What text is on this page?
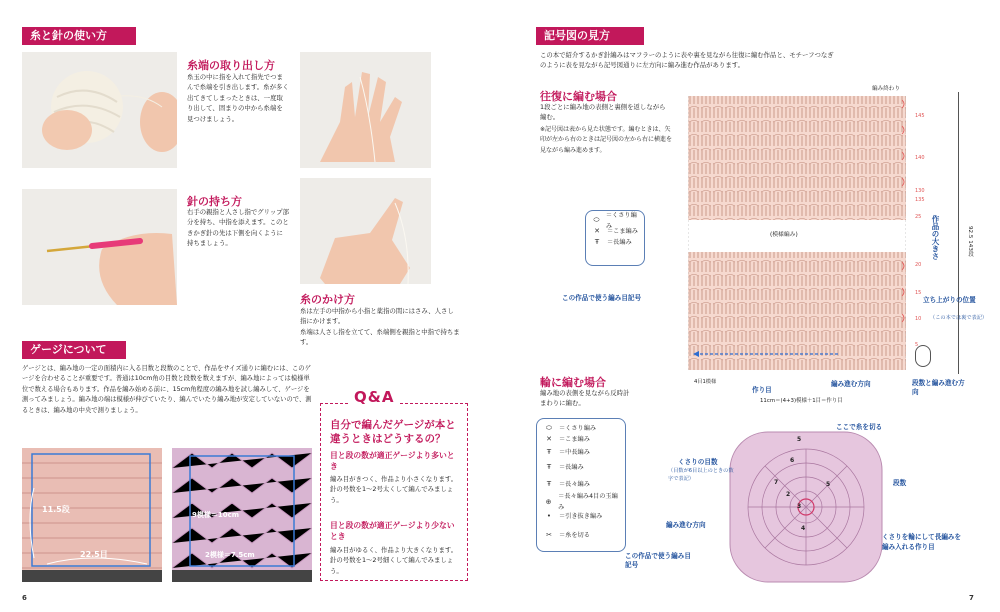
糸と針の使い方
糸端の取り出し方
糸玉の中に指を入れて指先でつまんで糸端を引き出します。糸が多く出てきてしまったときは、一度取り出して、固まりの中から糸端を見つけましょう。
針の持ち方
右手の親指と人さし指でグリップ部分を持ち、中指を添えます。このときかぎ針の先は下側を向くように持ちましょう。
糸のかけ方
糸は左手の中指から小指と薬指の間にはさみ、人さし指にかけます。
糸端は人さし指を立てて、糸端側を親指と中指で持ちます。
ゲージについて
ゲージとは、編み地の一定の面積内に入る目数と段数のことで、作品をサイズ通りに編むには、このゲージを合わせることが重要です。普通は10cm角の目数と段数を数えますが、編み地によっては模様単位で数える場合もあります。作品を編み始める前に、15cm角程度の編み地を試し編みして、ゲージを測ってみましょう。編み地の端は模様が伸びていたり、編んでいたり編み地が安定していないので、測るときは、編み地の中央で測りましょう。
11.5段
22.5目
9模様＝10cm
2模様＝7.5cm
6
Q&A
自分で編んだゲージが本と違うときはどうするの？
目と段の数が適正ゲージより多いとき
編み目がきつく、作品より小さくなります。針の号数を1〜2号太くして編んでみましょう。
目と段の数が適正ゲージより少ないとき
編み目がゆるく、作品より大きくなります。針の号数を1〜2号細くして編んでみましょう。
記号図の見方
この本で紹介するかぎ針編みはマフラーのように表や裏を見ながら往復に編む作品と、モチーフつなぎのように表を見ながら記号図通りに左方向に編み進む作品があります。
往復に編む場合
1段ごとに編み地の表側と裏側を返しながら編む。
※記号図は表から見た状態です。編むときは、矢印が左から右のときは記号図の左から右に横進を見ながら編み進めます。
⬭
＝くさり編み
✕	＝こま編み
Ŧ	＝長編み
この作品で使う編み目記号
編み終わり
(模様編み)
145
140
135
作品の大きさ	92.5 143段
立ち上がりの位置
（この本では裏で表記）
4目1模様
11cm＝(4+3)模様＋1目＝作り目
作り目
編み進む方向	段数と編み進む方向
輪に編む場合
編み地の表側を見ながら反時計まわりに編む。
⬭	＝くさり編み
✕	＝こま編み
Ŧ	＝中長編み
Ŧ	＝長編み
Ŧ	＝長々編み
⊕
＝長々編み4目の玉編み
•	＝引き抜き編み
✂	＝糸を切る
この作品で使う編み目記号
5
6
7	5
3
2
4
ここで糸を切る
くさりの目数
（目数が6目以上のときの数字で表記）	段数
編み進む方向
くさりを輪にして長編みを編み入れる作り目
7
130
25
20
15
10
5
